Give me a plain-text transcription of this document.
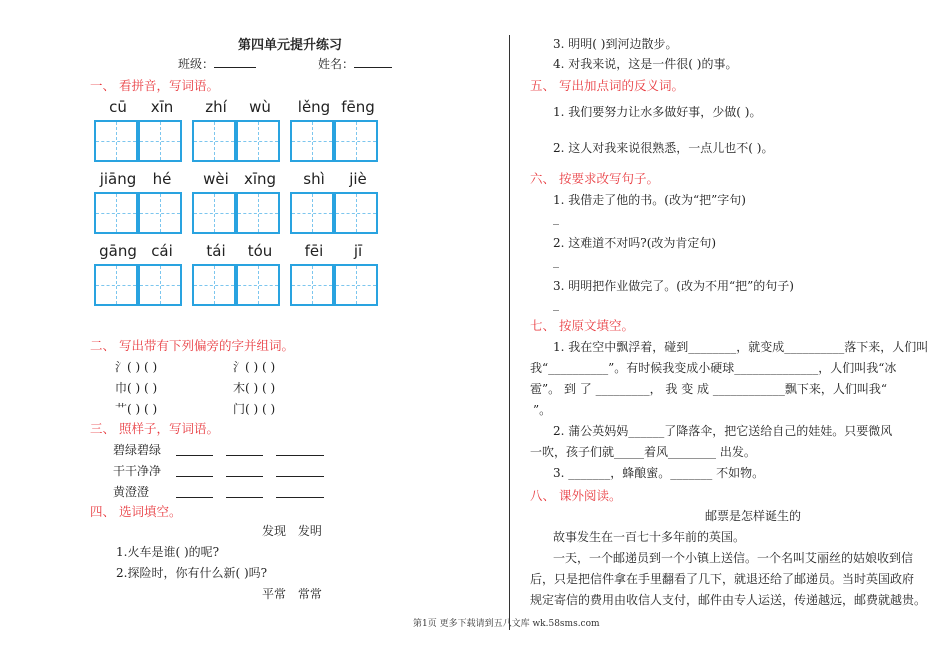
第四单元提升练习
班级：	姓名：
一、 看拼音，写词语。
cū	xīn	zhí	wù	lěng fēng
jiāng	hé	wèi	xīng	shì	jiè
gāng cái	tái	tóu	fēi	jī
二、 写出带有下列偏旁的字并组词。
氵( ) ( )	氵( ) ( )
巾( ) ( )	木( ) ( )
艹( ) ( )	门( ) ( )
三、 照样子，写词语。
碧绿碧绿
干干净净
黄澄澄
四、 选词填空。
发现 发明
1.火车是谁( )的呢?
2.探险时，你有什么新( )吗?
平常 常常
3. 明明( )到河边散步。
4. 对我来说，这是一件很( )的事。
五、 写出加点词的反义词。
1. 我们要努力让水多做好事，少做( )。
2. 这人对我来说很熟悉，一点儿也不( )。
六、 按要求改写句子。
1. 我借走了他的书。(改为“把”字句)
_
2. 这难道不对吗?(改为肯定句)
_
3. 明明把作业做完了。(改为不用“把”的句子)
_
七、 按原文填空。
1. 我在空中飘浮着，碰到________，就变成__________落下来，人们叫
我“__________”。有时候我变成小硬球______________，人们叫我“冰
雹”。 到 了 _________， 我 变 成 ____________飘下来，人们叫我“
”。
2. 蒲公英妈妈______了降落伞，把它送给自己的娃娃。只要微风
一吹，孩子们就_____着风________ 出发。
3. _______，蜂酿蜜。_______ 不如物。
八、 课外阅读。
邮票是怎样诞生的
故事发生在一百七十多年前的英国。
一天，一个邮递员到一个小镇上送信。一个名叫艾丽丝的姑娘收到信
后，只是把信件拿在手里翻看了几下，就退还给了邮递员。当时英国政府
规定寄信的费用由收信人支付，邮件由专人运送，传递越远，邮费就越贵。
第1页 更多下载请到五八文库 wk.58sms.com
